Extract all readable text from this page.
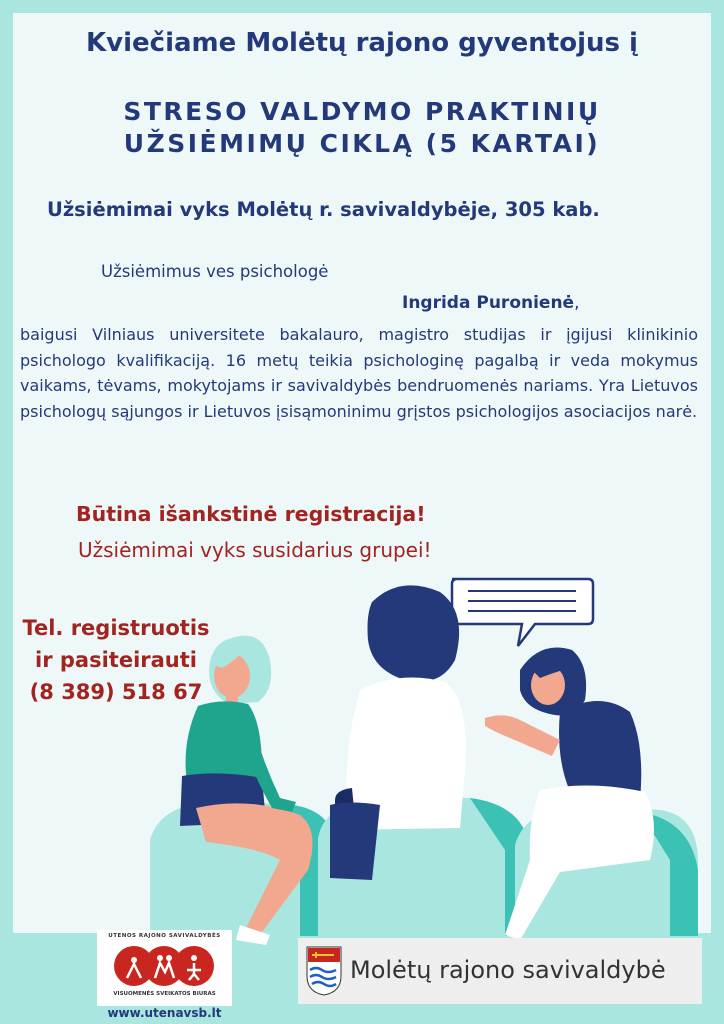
Kviečiame Molėtų rajono gyventojus į
STRESO VALDYMO PRAKTINIŲ
UŽSIĖMIMŲ CIKLĄ (5 KARTAI)
Užsiėmimai vyks Molėtų r. savivaldybėje, 305 kab.
Užsiėmimus ves psichologė
Ingrida Puronienė,
baigusi Vilniaus universitete bakalauro, magistro studijas ir įgijusi klinikinio psichologo kvalifikaciją. 16 metų teikia psichologinę pagalbą ir veda mokymus vaikams, tėvams, mokytojams ir savivaldybės bendruomenės nariams. Yra Lietuvos psichologų sąjungos ir Lietuvos įsisąmoninimu grįstos psichologijos asociacijos narė.
Būtina išankstinė registracija!
Užsiėmimai vyks susidarius grupei!
Tel. registruotis
ir pasiteirauti
(8 389) 518 67
UTENOS RAJONO SAVIVALDYBĖS
VISUOMENĖS SVEIKATOS BIURAS
www.utenavsb.lt
Molėtų rajono savivaldybė
